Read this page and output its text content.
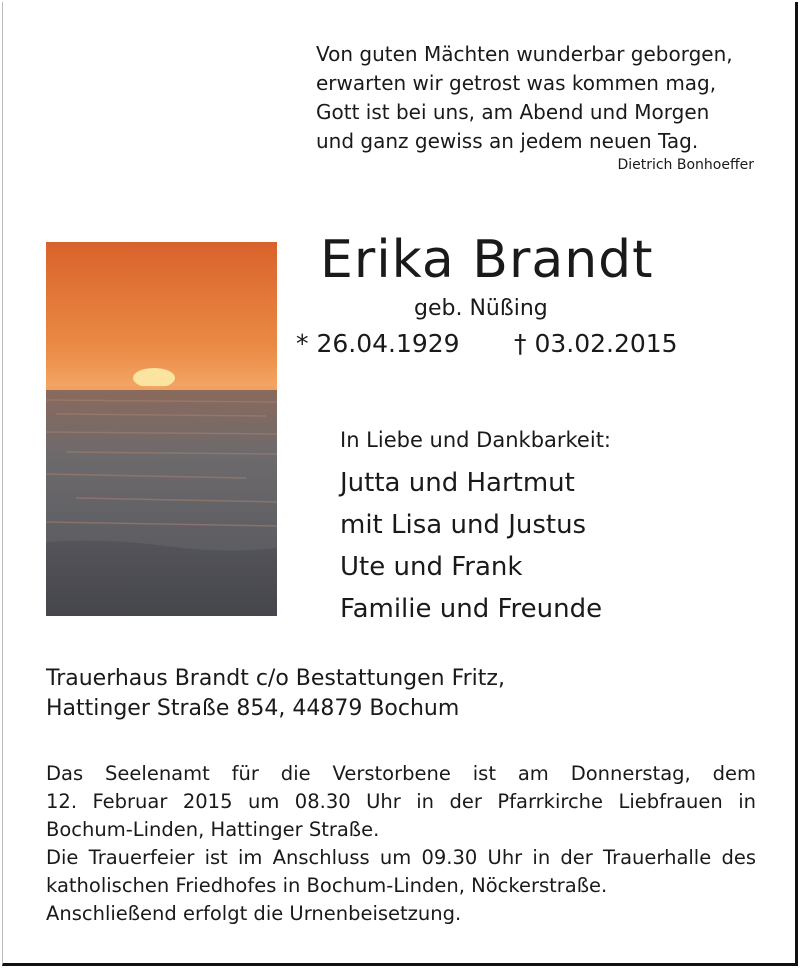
Von guten Mächten wunderbar geborgen,
erwarten wir getrost was kommen mag,
Gott ist bei uns, am Abend und Morgen
und ganz gewiss an jedem neuen Tag.
Dietrich Bonhoeffer
Erika Brandt
geb. Nüßing
* 26.04.1929 † 03.02.2015
In Liebe und Dankbarkeit:
Jutta und Hartmut
mit Lisa und Justus
Ute und Frank
Familie und Freunde
Trauerhaus Brandt c/o Bestattungen Fritz,
Hattinger Straße 854, 44879 Bochum
Das Seelenamt für die Verstorbene ist am Donnerstag, dem
12. Februar 2015 um 08.30 Uhr in der Pfarrkirche Liebfrauen in
Bochum-Linden, Hattinger Straße.
Die Trauerfeier ist im Anschluss um 09.30 Uhr in der Trauerhalle des
katholischen Friedhofes in Bochum-Linden, Nöckerstraße.
Anschließend erfolgt die Urnenbeisetzung.
